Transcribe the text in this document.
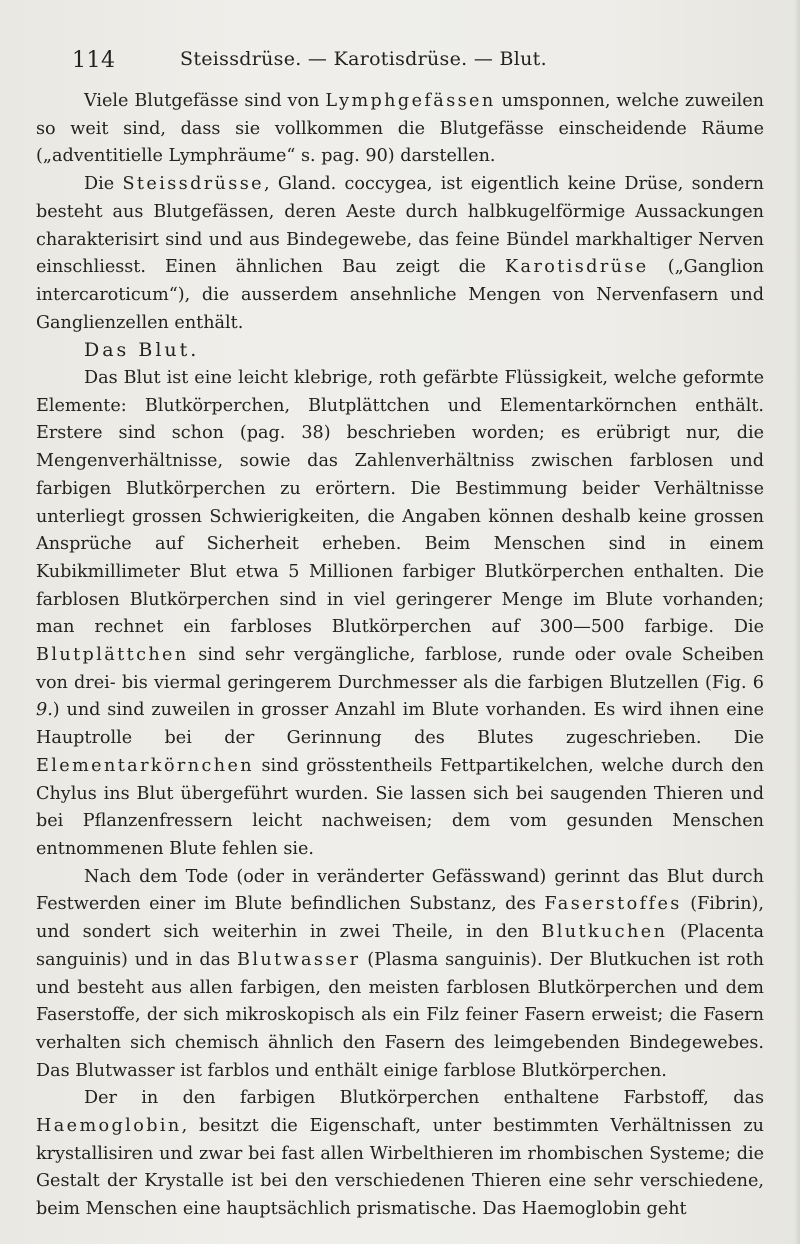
114	Steissdrüse. — Karotisdrüse. — Blut.

Viele Blutgefässe sind von Lymphgefässen umsponnen, welche zuweilen so weit sind, dass sie vollkommen die Blutgefässe einscheidende Räume („adventitielle Lymphräume“ s. pag. 90) darstellen.

Die Steissdrüsse, Gland. coccygea, ist eigentlich keine Drüse, sondern besteht aus Blutgefässen, deren Aeste durch halbkugelförmige Aussackungen charakterisirt sind und aus Bindegewebe, das feine Bündel markhaltiger Nerven einschliesst. Einen ähnlichen Bau zeigt die Karotisdrüse („Ganglion intercaroticum“), die ausserdem ansehnliche Mengen von Nervenfasern und Ganglienzellen enthält.

Das Blut.

Das Blut ist eine leicht klebrige, roth gefärbte Flüssigkeit, welche geformte Elemente: Blutkörperchen, Blutplättchen und Elementarkörnchen enthält. Erstere sind schon (pag. 38) beschrieben worden; es erübrigt nur, die Mengenverhältnisse, sowie das Zahlenverhältniss zwischen farblosen und farbigen Blutkörperchen zu erörtern. Die Bestimmung beider Verhältnisse unterliegt grossen Schwierigkeiten, die Angaben können deshalb keine grossen Ansprüche auf Sicherheit erheben. Beim Menschen sind in einem Kubikmillimeter Blut etwa 5 Millionen farbiger Blutkörperchen enthalten. Die farblosen Blutkörperchen sind in viel geringerer Menge im Blute vorhanden; man rechnet ein farbloses Blutkörperchen auf 300—500 farbige. Die Blutplättchen sind sehr vergängliche, farblose, runde oder ovale Scheiben von drei- bis viermal geringerem Durchmesser als die farbigen Blutzellen (Fig. 6 9.) und sind zuweilen in grosser Anzahl im Blute vorhanden. Es wird ihnen eine Hauptrolle bei der Gerinnung des Blutes zugeschrieben. Die Elementarkörnchen sind grösstentheils Fettpartikelchen, welche durch den Chylus ins Blut übergeführt wurden. Sie lassen sich bei saugenden Thieren und bei Pflanzenfressern leicht nachweisen; dem vom gesunden Menschen entnommenen Blute fehlen sie.

Nach dem Tode (oder in veränderter Gefässwand) gerinnt das Blut durch Festwerden einer im Blute befindlichen Substanz, des Faserstoffes (Fibrin), und sondert sich weiterhin in zwei Theile, in den Blutkuchen (Placenta sanguinis) und in das Blutwasser (Plasma sanguinis). Der Blutkuchen ist roth und besteht aus allen farbigen, den meisten farblosen Blutkörperchen und dem Faserstoffe, der sich mikroskopisch als ein Filz feiner Fasern erweist; die Fasern verhalten sich chemisch ähnlich den Fasern des leimgebenden Bindegewebes. Das Blutwasser ist farblos und enthält einige farblose Blutkörperchen.

Der in den farbigen Blutkörperchen enthaltene Farbstoff, das Haemoglobin, besitzt die Eigenschaft, unter bestimmten Verhältnissen zu krystallisiren und zwar bei fast allen Wirbelthieren im rhombischen Systeme; die Gestalt der Krystalle ist bei den verschiedenen Thieren eine sehr verschiedene, beim Menschen eine hauptsächlich prismatische. Das Haemoglobin geht
